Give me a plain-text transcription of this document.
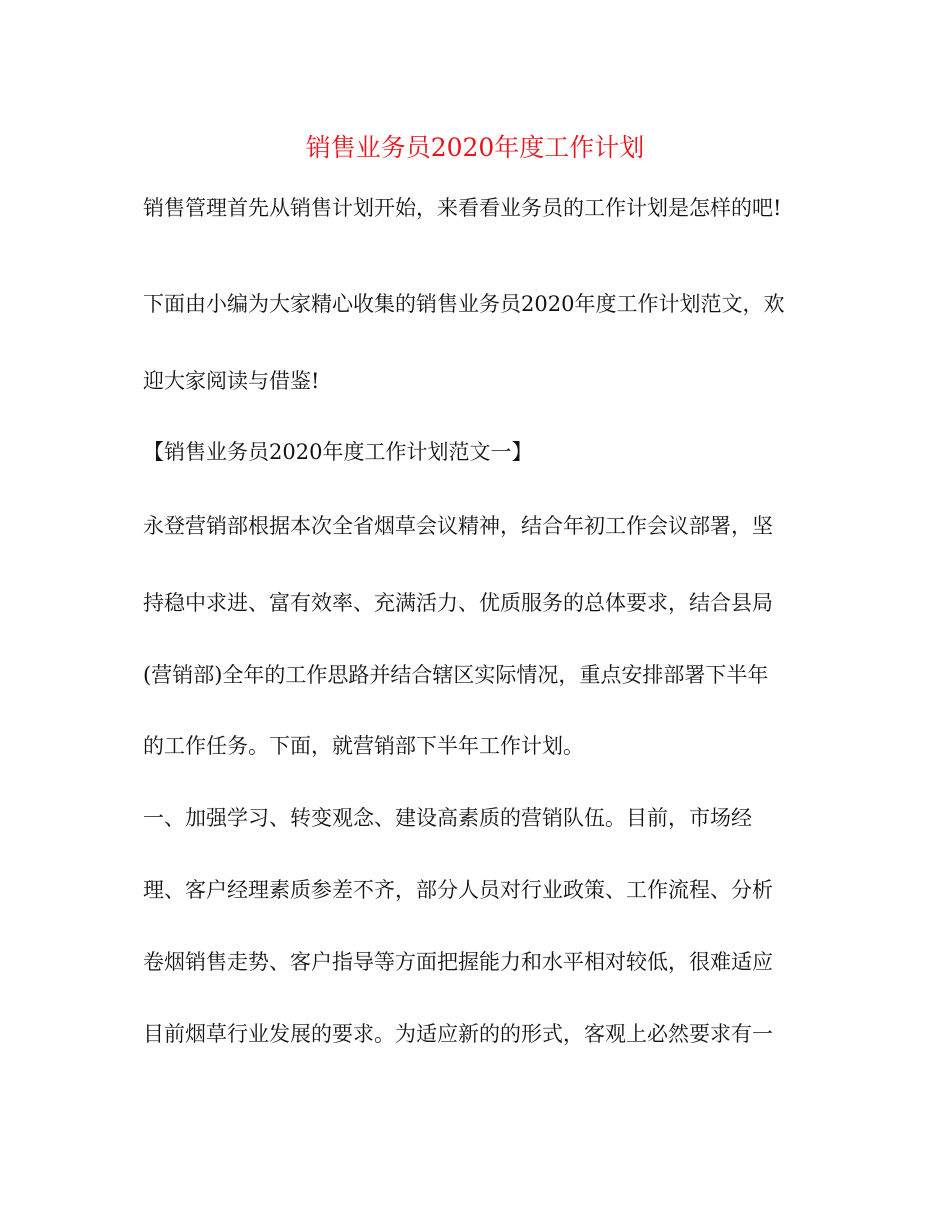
销售业务员2020年度工作计划
销售管理首先从销售计划开始，来看看业务员的工作计划是怎样的吧!
下面由小编为大家精心收集的销售业务员2020年度工作计划范文，欢
迎大家阅读与借鉴!
【销售业务员2020年度工作计划范文一】
永登营销部根据本次全省烟草会议精神，结合年初工作会议部署，坚
持稳中求进、富有效率、充满活力、优质服务的总体要求，结合县局
(营销部)全年的工作思路并结合辖区实际情况，重点安排部署下半年
的工作任务。下面，就营销部下半年工作计划。
一、加强学习、转变观念、建设高素质的营销队伍。目前，市场经
理、客户经理素质参差不齐，部分人员对行业政策、工作流程、分析
卷烟销售走势、客户指导等方面把握能力和水平相对较低，很难适应
目前烟草行业发展的要求。为适应新的的形式，客观上必然要求有一
